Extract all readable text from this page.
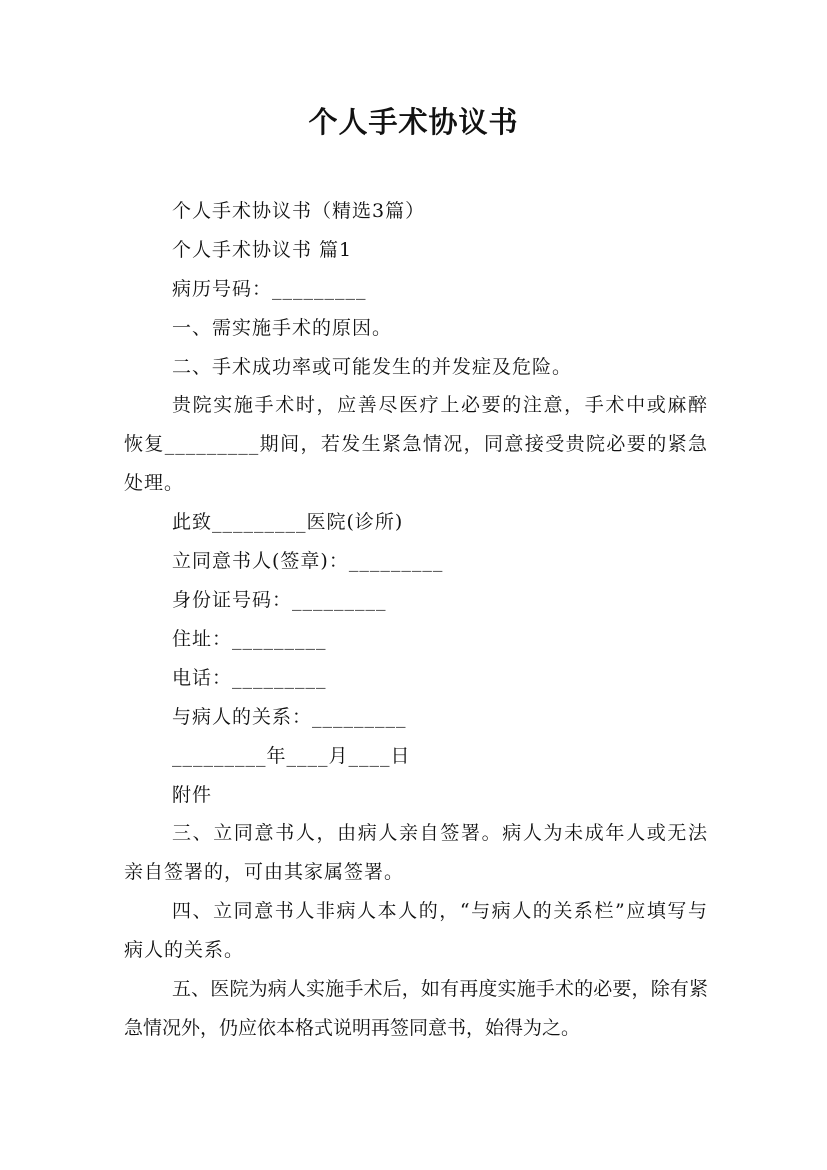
个人手术协议书
个人手术协议书（精选3篇）
个人手术协议书 篇1
病历号码：_________
一、需实施手术的原因。
二、手术成功率或可能发生的并发症及危险。
贵院实施手术时，应善尽医疗上必要的注意，手术中或麻醉恢复_________期间，若发生紧急情况，同意接受贵院必要的紧急处理。
此致_________医院(诊所)
立同意书人(签章)：_________
身份证号码：_________
住址：_________
电话：_________
与病人的关系：_________
_________年____月____日
附件
三、立同意书人，由病人亲自签署。病人为未成年人或无法亲自签署的，可由其家属签署。
四、立同意书人非病人本人的，“与病人的关系栏”应填写与病人的关系。
五、医院为病人实施手术后，如有再度实施手术的必要，除有紧急情况外，仍应依本格式说明再签同意书，始得为之。
